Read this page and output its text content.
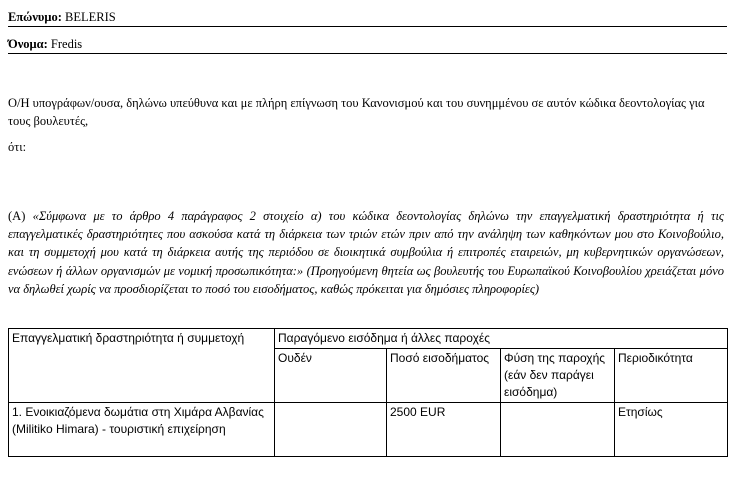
Επώνυμο: BELERIS
Όνομα: Fredis
Ο/Η υπογράφων/ουσα, δηλώνω υπεύθυνα και με πλήρη επίγνωση του Κανονισμού και του συνημμένου σε αυτόν κώδικα δεοντολογίας για τους βουλευτές,
ότι:
(Α) «Σύμφωνα με το άρθρο 4 παράγραφος 2 στοιχείο α) του κώδικα δεοντολογίας δηλώνω την επαγγελματική δραστηριότητα ή τις επαγγελματικές δραστηριότητες που ασκούσα κατά τη διάρκεια των τριών ετών πριν από την ανάληψη των καθηκόντων μου στο Κοινοβούλιο, και τη συμμετοχή μου κατά τη διάρκεια αυτής της περιόδου σε διοικητικά συμβούλια ή επιτροπές εταιρειών, μη κυβερνητικών οργανώσεων, ενώσεων ή άλλων οργανισμών με νομική προσωπικότητα:» (Προηγούμενη θητεία ως βουλευτής του Ευρωπαϊκού Κοινοβουλίου χρειάζεται μόνο να δηλωθεί χωρίς να προσδιορίζεται το ποσό του εισοδήματος, καθώς πρόκειται για δημόσιες πληροφορίες)
Επαγγελματική δραστηριότητα ή συμμετοχή	Παραγόμενο εισόδημα ή άλλες παροχές			
	Ουδέν	Ποσό εισοδήματος	Φύση της παροχής (εάν δεν παράγει εισόδημα)	Περιοδικότητα
1. Ενοικιαζόμενα δωμάτια στη Χιμάρα Αλβανίας (Militiko Himara) - τουριστική επιχείρηση		2500 EUR		Ετησίως
